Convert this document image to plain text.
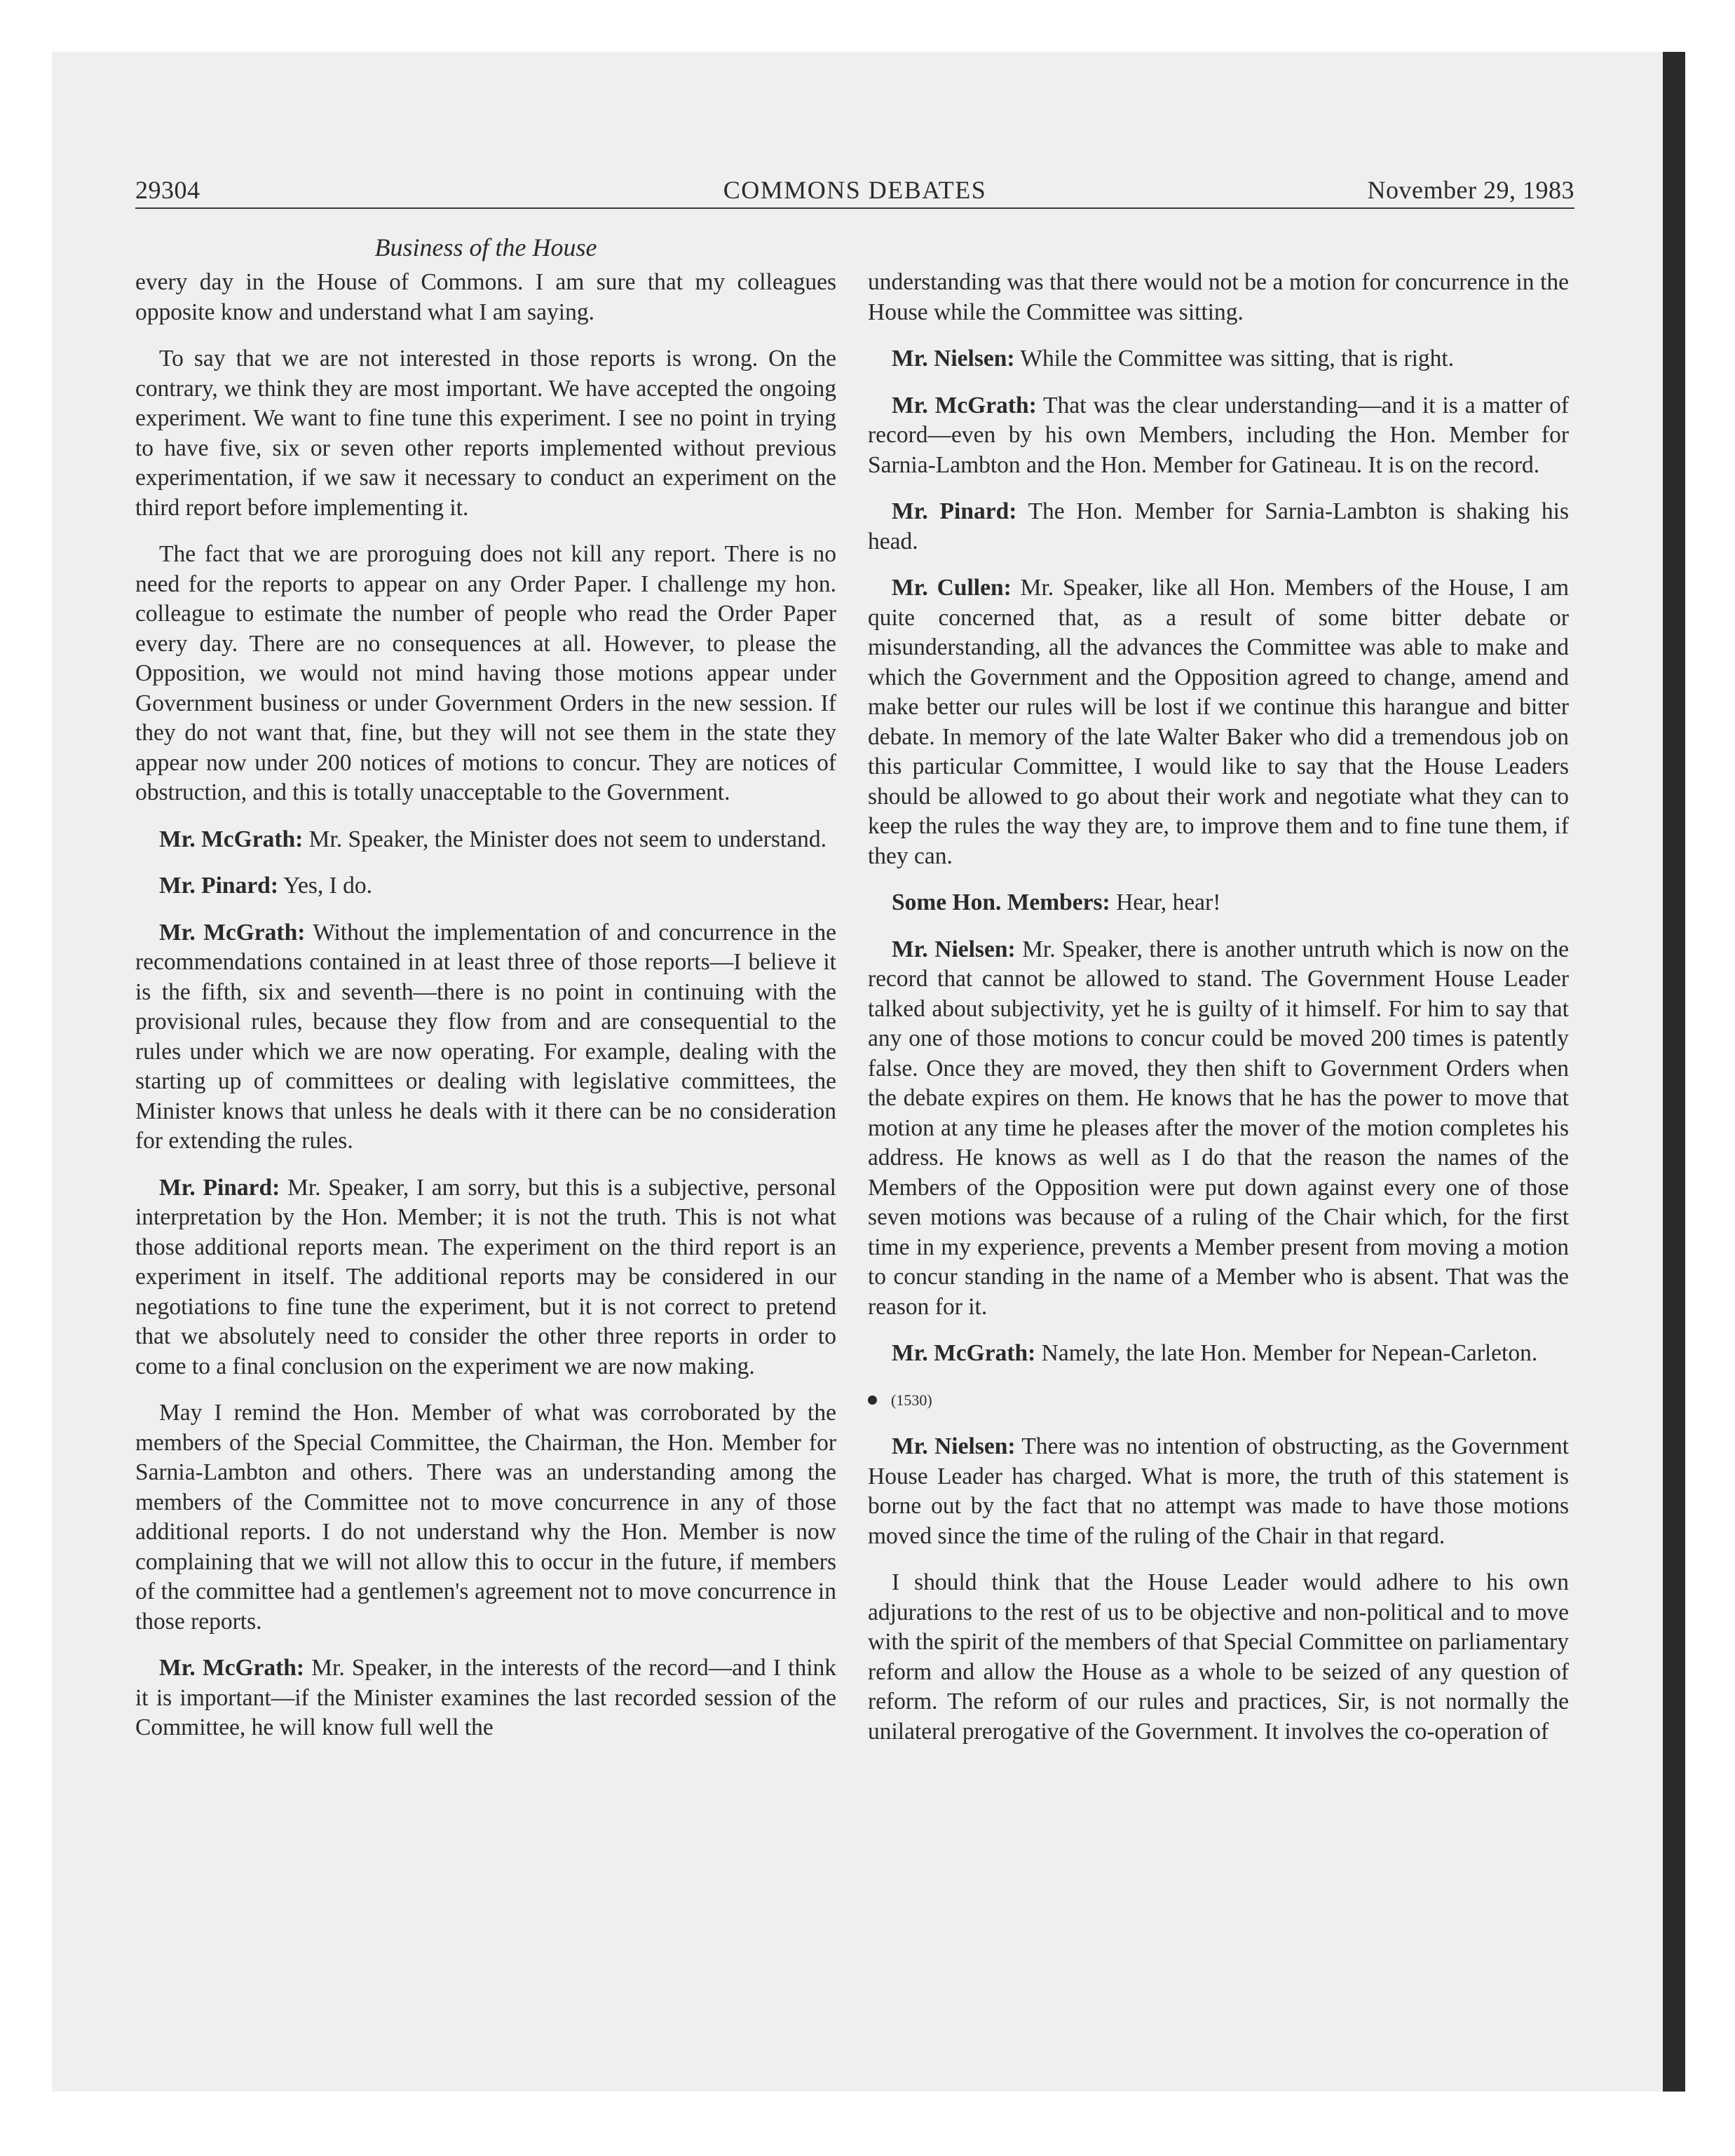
29304	COMMONS DEBATES	November 29, 1983
Business of the House

every day in the House of Commons. I am sure that my colleagues opposite know and understand what I am saying.

To say that we are not interested in those reports is wrong. On the contrary, we think they are most important. We have accepted the ongoing experiment. We want to fine tune this experiment. I see no point in trying to have five, six or seven other reports implemented without previous experimentation, if we saw it necessary to conduct an experiment on the third report before implementing it.

The fact that we are proroguing does not kill any report. There is no need for the reports to appear on any Order Paper. I challenge my hon. colleague to estimate the number of people who read the Order Paper every day. There are no consequences at all. However, to please the Opposition, we would not mind having those motions appear under Government business or under Government Orders in the new session. If they do not want that, fine, but they will not see them in the state they appear now under 200 notices of motions to concur. They are notices of obstruction, and this is totally unacceptable to the Government.

Mr. McGrath: Mr. Speaker, the Minister does not seem to understand.

Mr. Pinard: Yes, I do.

Mr. McGrath: Without the implementation of and concurrence in the recommendations contained in at least three of those reports—I believe it is the fifth, six and seventh—there is no point in continuing with the provisional rules, because they flow from and are consequential to the rules under which we are now operating. For example, dealing with the starting up of committees or dealing with legislative committees, the Minister knows that unless he deals with it there can be no consideration for extending the rules.

Mr. Pinard: Mr. Speaker, I am sorry, but this is a subjective, personal interpretation by the Hon. Member; it is not the truth. This is not what those additional reports mean. The experiment on the third report is an experiment in itself. The additional reports may be considered in our negotiations to fine tune the experiment, but it is not correct to pretend that we absolutely need to consider the other three reports in order to come to a final conclusion on the experiment we are now making.

May I remind the Hon. Member of what was corroborated by the members of the Special Committee, the Chairman, the Hon. Member for Sarnia-Lambton and others. There was an understanding among the members of the Committee not to move concurrence in any of those additional reports. I do not understand why the Hon. Member is now complaining that we will not allow this to occur in the future, if members of the committee had a gentlemen's agreement not to move concurrence in those reports.

Mr. McGrath: Mr. Speaker, in the interests of the record—and I think it is important—if the Minister examines the last recorded session of the Committee, he will know full well the

understanding was that there would not be a motion for concurrence in the House while the Committee was sitting.

Mr. Nielsen: While the Committee was sitting, that is right.

Mr. McGrath: That was the clear understanding—and it is a matter of record—even by his own Members, including the Hon. Member for Sarnia-Lambton and the Hon. Member for Gatineau. It is on the record.

Mr. Pinard: The Hon. Member for Sarnia-Lambton is shaking his head.

Mr. Cullen: Mr. Speaker, like all Hon. Members of the House, I am quite concerned that, as a result of some bitter debate or misunderstanding, all the advances the Committee was able to make and which the Government and the Opposition agreed to change, amend and make better our rules will be lost if we continue this harangue and bitter debate. In memory of the late Walter Baker who did a tremendous job on this particular Committee, I would like to say that the House Leaders should be allowed to go about their work and negotiate what they can to keep the rules the way they are, to improve them and to fine tune them, if they can.

Some Hon. Members: Hear, hear!

Mr. Nielsen: Mr. Speaker, there is another untruth which is now on the record that cannot be allowed to stand. The Government House Leader talked about subjectivity, yet he is guilty of it himself. For him to say that any one of those motions to concur could be moved 200 times is patently false. Once they are moved, they then shift to Government Orders when the debate expires on them. He knows that he has the power to move that motion at any time he pleases after the mover of the motion completes his address. He knows as well as I do that the reason the names of the Members of the Opposition were put down against every one of those seven motions was because of a ruling of the Chair which, for the first time in my experience, prevents a Member present from moving a motion to concur standing in the name of a Member who is absent. That was the reason for it.

Mr. McGrath: Namely, the late Hon. Member for Nepean-Carleton.

(1530)

Mr. Nielsen: There was no intention of obstructing, as the Government House Leader has charged. What is more, the truth of this statement is borne out by the fact that no attempt was made to have those motions moved since the time of the ruling of the Chair in that regard.

I should think that the House Leader would adhere to his own adjurations to the rest of us to be objective and non-political and to move with the spirit of the members of that Special Committee on parliamentary reform and allow the House as a whole to be seized of any question of reform. The reform of our rules and practices, Sir, is not normally the unilateral prerogative of the Government. It involves the co-operation of
